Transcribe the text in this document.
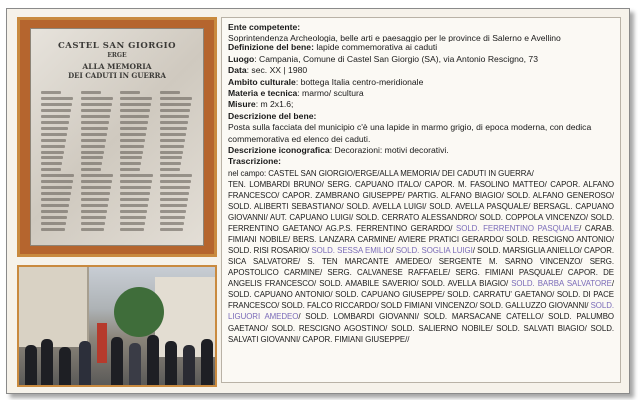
CASTEL SAN GIORGIO
ERGE
ALLA MEMORIA
DEI CADUTI IN GUERRA
Ente competente:
Soprintendenza Archeologia, belle arti e paesaggio per le province di Salerno e Avellino
Definizione del bene: lapide commemorativa ai caduti
Luogo: Campania, Comune di Castel San Giorgio (SA), via Antonio Rescigno, 73
Data: sec. XX | 1980
Ambito culturale: bottega Italia centro-meridionale
Materia e tecnica: marmo/ scultura
Misure: m 2x1.6;
Descrizione del bene:
Posta sulla facciata del municipio c'è una lapide in marmo grigio, di epoca moderna, con dedica commemorativa ed elenco dei caduti.
Descrizione iconografica: Decorazioni: motivi decorativi.
Trascrizione:
nel campo: CASTEL SAN GIORGIO/ERGE/ALLA MEMORIA/ DEI CADUTI IN GUERRA/
TEN. LOMBARDI BRUNO/ SERG. CAPUANO ITALO/ CAPOR. M. FASOLINO MATTEO/ CAPOR. ALFANO FRANCESCO/ CAPOR. ZAMBRANO GIUSEPPE/ PARTIG. ALFANO BIAGIO/ SOLD. ALFANO GENEROSO/ SOLD. ALIBERTI SEBASTIANO/ SOLD. AVELLA LUIGI/ SOLD. AVELLA PASQUALE/ BERSAGL. CAPUANO GIOVANNI/ AUT. CAPUANO LUIGI/ SOLD. CERRATO ALESSANDRO/ SOLD. COPPOLA VINCENZO/ SOLD. FERRENTINO GAETANO/ AG.P.S. FERRENTINO GERARDO/ SOLD. FERRENTINO PASQUALE/ CARAB. FIMIANI NOBILE/ BERS. LANZARA CARMINE/ AVIERE PRATICI GERARDO/ SOLD. RESCIGNO ANTONIO/ SOLD. RISI ROSARIO/ SOLD. SESSA EMILIO/ SOLD. SOGLIA LUIGI/ SOLD. MARSIGLIA ANIELLO/ CAPOR. SICA SALVATORE/ S. TEN MARCANTE AMEDEO/ SERGENTE M. SARNO VINCENZO/ SERG. APOSTOLICO CARMINE/ SERG. CALVANESE RAFFAELE/ SERG. FIMIANI PASQUALE/ CAPOR. DE ANGELIS FRANCESCO/ SOLD. AMABILE SAVERIO/ SOLD. AVELLA BIAGIO/ SOLD. BARBA SALVATORE/ SOLD. CAPUANO ANTONIO/ SOLD. CAPUANO GIUSEPPE/ SOLD. CARRATU' GAETANO/ SOLD. DI PACE FRANCESCO/ SOLD. FALCO RICCARDO/ SOLD FIMIANI VINCENZO/ SOLD. GALLUZZO GIOVANNI/ SOLD. LIGUORI AMEDEO/ SOLD. LOMBARDI GIOVANNI/ SOLD. MARSACANE CATELLO/ SOLD. PALUMBO GAETANO/ SOLD. RESCIGNO AGOSTINO/ SOLD. SALIERNO NOBILE/ SOLD. SALVATI BIAGIO/ SOLD. SALVATI GIOVANNI/ CAPOR. FIMIANI GIUSEPPE//
